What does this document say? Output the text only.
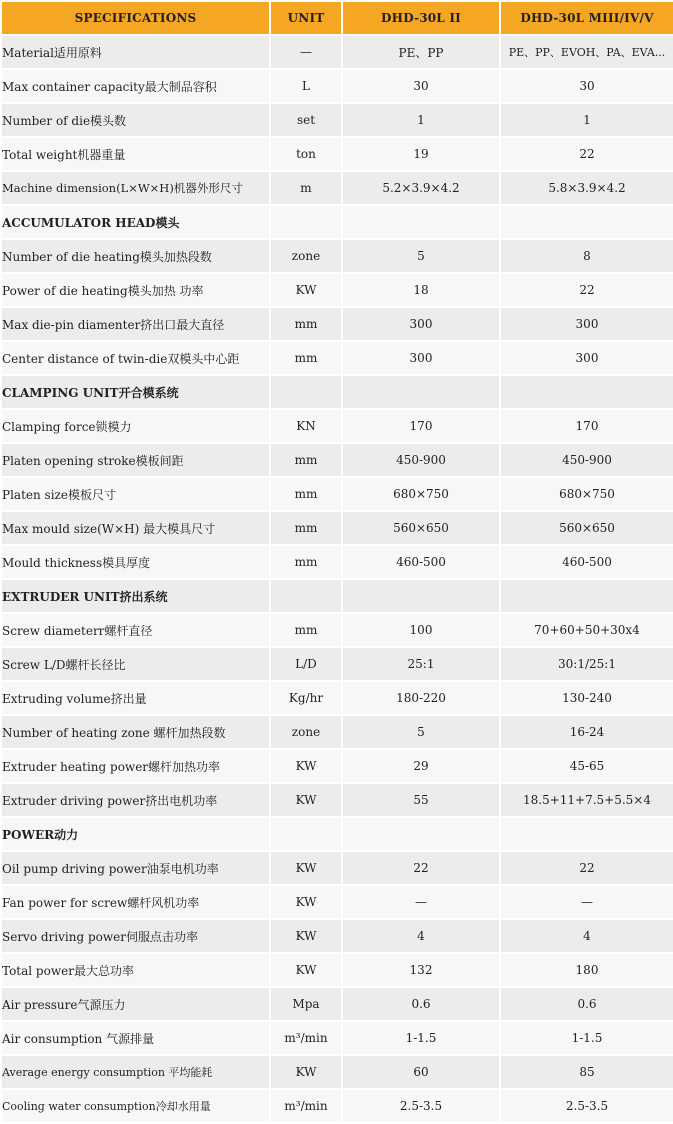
SPECIFICATIONS	UNIT	DHD-30L II	DHD-30L MIII/IV/V
Material适用原料	—	PE、PP	PE、PP、EVOH、PA、EVA...
Max container capacity最大制品容积	L	30	30
Number of die模头数	set	1	1
Total weight机器重量	ton	19	22
Machine dimension(L×W×H)机器外形尺寸	m	5.2×3.9×4.2	5.8×3.9×4.2
ACCUMULATOR HEAD模头			
Number of die heating模头加热段数	zone	5	8
Power of die heating模头加热 功率	KW	18	22
Max die-pin diamenter挤出口最大直径	mm	300	300
Center distance of twin-die双模头中心距	mm	300	300
CLAMPING UNIT开合模系统			
Clamping force锁模力	KN	170	170
Platen opening stroke模板间距	mm	450-900	450-900
Platen size模板尺寸	mm	680×750	680×750
Max mould size(W×H) 最大模具尺寸	mm	560×650	560×650
Mould thickness模具厚度	mm	460-500	460-500
EXTRUDER UNIT挤出系统			
Screw diameterr螺杆直径	mm	100	70+60+50+30x4
Screw L/D螺杆长径比	L/D	25:1	30:1/25:1
Extruding volume挤出量	Kg/hr	180-220	130-240
Number of heating zone 螺杆加热段数	zone	5	16-24
Extruder heating power螺杆加热功率	KW	29	45-65
Extruder driving power挤出电机功率	KW	55	18.5+11+7.5+5.5×4
POWER动力			
Oil pump driving power油泵电机功率	KW	22	22
Fan power for screw螺杆风机功率	KW	—	—
Servo driving power伺服点击功率	KW	4	4
Total power最大总功率	KW	132	180
Air pressure气源压力	Mpa	0.6	0.6
Air consumption 气源排量	m³/min	1-1.5	1-1.5
Average energy consumption 平均能耗	KW	60	85
Cooling water consumption冷却水用量	m³/min	2.5-3.5	2.5-3.5
